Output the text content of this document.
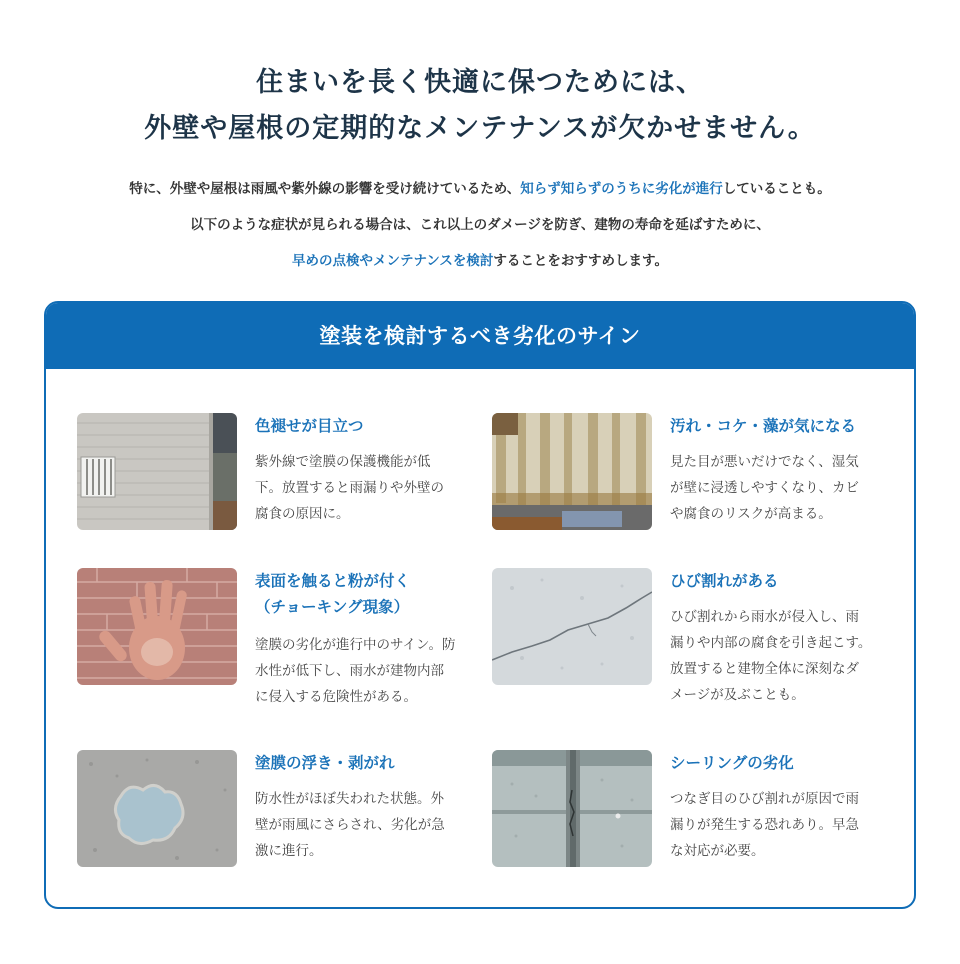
住まいを長く快適に保つためには、
外壁や屋根の定期的なメンテナンスが欠かせません。
特に、外壁や屋根は雨風や紫外線の影響を受け続けているため、知らず知らずのうちに劣化が進行していることも。
以下のような症状が見られる場合は、これ以上のダメージを防ぎ、建物の寿命を延ばすために、
早めの点検やメンテナンスを検討することをおすすめします。
塗装を検討するべき劣化のサイン
色褪せが目立つ
紫外線で塗膜の保護機能が低
下。放置すると雨漏りや外壁の
腐食の原因に。
汚れ・コケ・藻が気になる
見た目が悪いだけでなく、湿気
が壁に浸透しやすくなり、カビ
や腐食のリスクが高まる。
表面を触ると粉が付く
（チョーキング現象）
塗膜の劣化が進行中のサイン。防
水性が低下し、雨水が建物内部
に侵入する危険性がある。
ひび割れがある
ひび割れから雨水が侵入し、雨
漏りや内部の腐食を引き起こす。
放置すると建物全体に深刻なダ
メージが及ぶことも。
塗膜の浮き・剥がれ
防水性がほぼ失われた状態。外
壁が雨風にさらされ、劣化が急
激に進行。
シーリングの劣化
つなぎ目のひび割れが原因で雨
漏りが発生する恐れあり。早急
な対応が必要。
